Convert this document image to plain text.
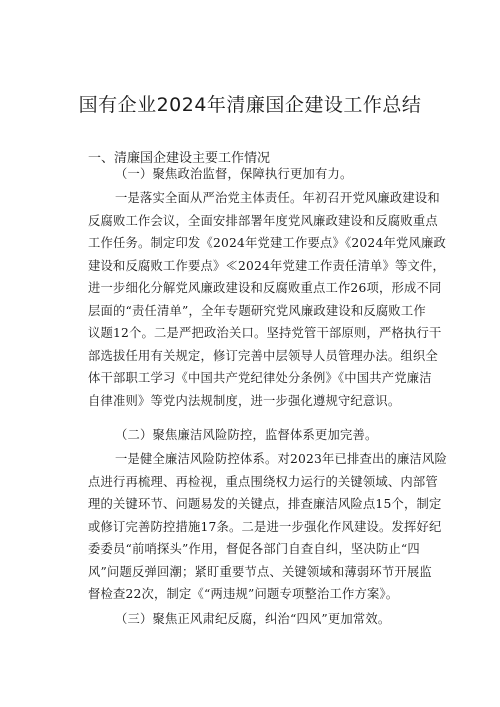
国有企业2024年清廉国企建设工作总结
一、清廉国企建设主要工作情况
（一）聚焦政治监督，保障执行更加有力。
一是落实全面从严治党主体责任。年初召开党风廉政建设和
反腐败工作会议，全面安排部署年度党风廉政建设和反腐败重点
工作任务。制定印发《2024年党建工作要点》《2024年党风廉政
建设和反腐败工作要点》≪2024年党建工作责任清单》等文件，
进一步细化分解党风廉政建设和反腐败重点工作26项，形成不同
层面的“责任清单”，全年专题研究党风廉政建设和反腐败工作
议题12个。二是严把政治关口。坚持党管干部原则，严格执行干
部选拔任用有关规定，修订完善中层领导人员管理办法。组织全
体干部职工学习《中国共产党纪律处分条例》《中国共产党廉洁
自律准则》等党内法规制度，进一步强化遵规守纪意识。
（二）聚焦廉洁风险防控，监督体系更加完善。
一是健全廉洁风险防控体系。对2023年已排查出的廉洁风险
点进行再梳理、再检视，重点围绕权力运行的关键领域、内部管
理的关键环节、问题易发的关键点，排查廉洁风险点15个，制定
或修订完善防控措施17条。二是进一步强化作风建设。发挥好纪
委委员“前哨探头”作用，督促各部门自查自纠，坚决防止“四
风”问题反弹回潮；紧盯重要节点、关键领域和薄弱环节开展监
督检查22次，制定《“两违规”问题专项整治工作方案》。
（三）聚焦正风肃纪反腐，纠治“四风”更加常效。
